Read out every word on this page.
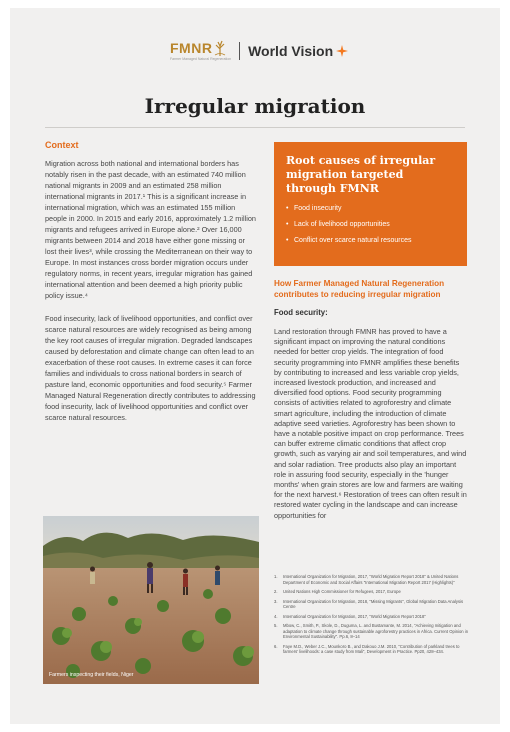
FMNR
Farmer Managed Natural Regeneration
World Vision
Irregular migration

Context

Migration across both national and international borders has notably risen in the past decade, with an estimated 740 million national migrants in 2009 and an estimated 258 million international migrants in 2017.¹ This is a significant increase in international migration, which was an estimated 155 million people in 2000. In 2015 and early 2016, approximately 1.2 million migrants and refugees arrived in Europe alone.² Over 16,000 migrants between 2014 and 2018 have either gone missing or lost their lives³, while crossing the Mediterranean on their way to Europe. In most instances cross border migration occurs under regulatory norms, in recent years, irregular migration has gained international attention and been deemed a high priority public policy issue.⁴

Food insecurity, lack of livelihood opportunities, and conflict over scarce natural resources are widely recognised as being among the key root causes of irregular migration. Degraded landscapes caused by deforestation and climate change can often lead to an exacerbation of these root causes. In extreme cases it can force families and individuals to cross national borders in search of pasture land, economic opportunities and food security.⁵ Farmer Managed Natural Regeneration directly contributes to addressing food insecurity, lack of livelihood opportunities and conflict over scarce natural resources.

Farmers inspecting their fields, Niger
Root causes of irregular migration targeted through FMNR
• Food insecurity
• Lack of livelihood opportunities
• Conflict over scarce natural resources

How Farmer Managed Natural Regeneration contributes to reducing irregular migration

Food security:

Land restoration through FMNR has proved to have a significant impact on improving the natural conditions needed for better crop yields. The integration of food security programming into FMNR amplifies these benefits by contributing to increased and less variable crop yields, increased livestock production, and increased and diversified food options. Food security programming consists of activities related to agroforestry and climate smart agriculture, including the introduction of climate adaptive seed varieties. Agroforestry has been shown to have a notable positive impact on crop performance. Trees can buffer extreme climatic conditions that affect crop growth, such as varying air and soil temperatures, and wind and solar radiation. Tree products also play an important role in assuring food security, especially in the 'hunger months' when grain stores are low and farmers are waiting for the next harvest.⁶ Restoration of trees can often result in restored water cycling in the landscape and can increase opportunities for

1.	International Organization for Migration, 2017, "World Migration Report 2018" & United Nations Department of Economic and Social Affairs "International Migration Report 2017 (Highlights)"
2.	United Nations High Commissioner for Refugees, 2017, Europe
3.	International Organization for Migration, 2018, "Missing Migrants", Global Migration Data Analysis Centre
4.	International Organization for Migration, 2017, "World Migration Report 2018"
5.	Mbow, C., Smith, P., Skole, D., Duguma, L. and Bustamante, M. 2014, "Achieving mitigation and adaptation to climate change through sustainable agroforestry practices in Africa. Current Opinion in Environmental Sustainability". Pp.6, 8–14
6.	Faye M.D., Weber J.C., Mounkoro B., and Dakouo J.M. 2010, "Contribution of parkland trees to farmers' livelihoods: a case study from Mali", Development in Practice. Pp20, 428–434.
